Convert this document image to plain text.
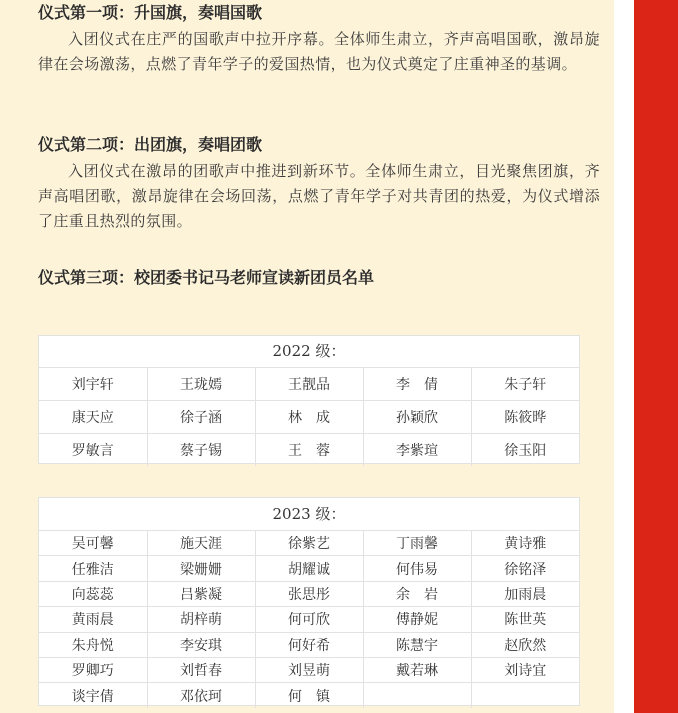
仪式第一项：升国旗，奏唱国歌
入团仪式在庄严的国歌声中拉开序幕。全体师生肃立，齐声高唱国歌，激昂旋律在会场激荡，点燃了青年学子的爱国热情，也为仪式奠定了庄重神圣的基调。
仪式第二项：出团旗，奏唱团歌
入团仪式在激昂的团歌声中推进到新环节。全体师生肃立，目光聚焦团旗，齐声高唱团歌，激昂旋律在会场回荡，点燃了青年学子对共青团的热爱，为仪式增添了庄重且热烈的氛围。
仪式第三项：校团委书记马老师宣读新团员名单
2022 级：
刘宇轩	王珑嫣	王靓品	李　倩	朱子轩
康天应	徐子涵	林　成	孙颖欣	陈筱晔
罗敏言	蔡子锡	王　蓉	李紫瑄	徐玉阳
2023 级：
吴可馨	施天涯	徐紫艺	丁雨馨	黄诗雅
任雅洁	梁姗姗	胡耀诚	何伟易	徐铭泽
向蕊蕊	吕紫凝	张思彤	余　岩	加雨晨
黄雨晨	胡梓萌	何可欣	傅静妮	陈世英
朱舟悦	李安琪	何好希	陈慧宇	赵欣然
罗卿巧	刘哲春	刘昱萌	戴若琳	刘诗宜
谈宇倩	邓依珂	何　镇		
